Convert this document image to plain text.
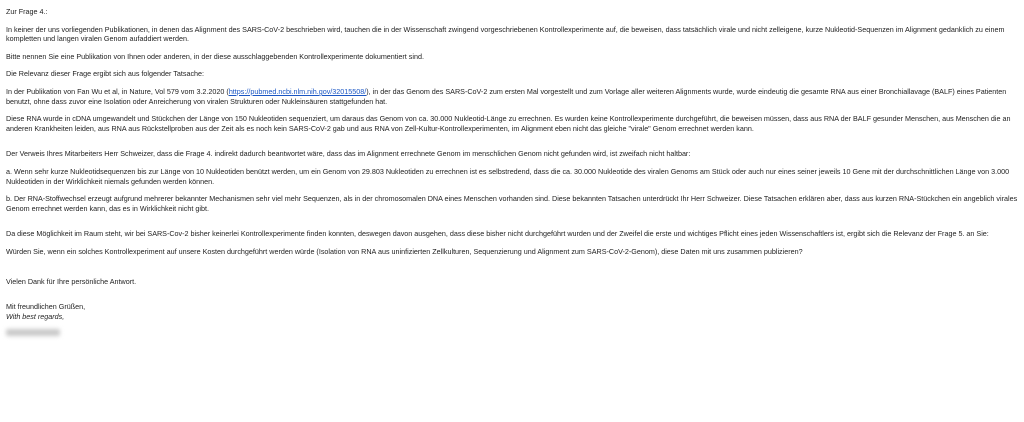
Zur Frage 4.:

In keiner der uns vorliegenden Publikationen, in denen das Alignment des SARS-CoV-2 beschrieben wird, tauchen die in der Wissenschaft zwingend vorgeschriebenen Kontrollexperimente auf, die beweisen, dass tatsächlich virale und nicht zelleigene, kurze Nukleotid-Sequenzen im Alignment gedanklich zu einem kompletten und langen viralen Genom aufaddiert werden.

Bitte nennen Sie eine Publikation von Ihnen oder anderen, in der diese ausschlaggebenden Kontrollexperimente dokumentiert sind.

Die Relevanz dieser Frage ergibt sich aus folgender Tatsache:

In der Publikation von Fan Wu et al, in Nature, Vol 579 vom 3.2.2020 (https://pubmed.ncbi.nlm.nih.gov/32015508/), in der das Genom des SARS-CoV-2 zum ersten Mal vorgestellt und zum Vorlage aller weiteren Alignments wurde, wurde eindeutig die gesamte RNA aus einer Bronchiallavage (BALF) eines Patienten benutzt, ohne dass zuvor eine Isolation oder Anreicherung von viralen Strukturen oder Nukleinsäuren stattgefunden hat.

Diese RNA wurde in cDNA umgewandelt und Stückchen der Länge von 150 Nukleotiden sequenziert, um daraus das Genom von ca. 30.000 Nukleotid-Länge zu errechnen. Es wurden keine Kontrollexperimente durchgeführt, die beweisen müssen, dass aus RNA der BALF gesunder Menschen, aus Menschen die an anderen Krankheiten leiden, aus RNA aus Rückstellproben aus der Zeit als es noch kein SARS-CoV-2 gab und aus RNA von Zell-Kultur-Kontrollexperimenten, im Alignment eben nicht das gleiche "virale" Genom errechnet werden kann.

Der Verweis Ihres Mitarbeiters Herr Schweizer, dass die Frage 4. indirekt dadurch beantwortet wäre, dass das im Alignment errechnete Genom im menschlichen Genom nicht gefunden wird, ist zweifach nicht haltbar:

a. Wenn sehr kurze Nukleotidsequenzen bis zur Länge von 10 Nukleotiden benützt werden, um ein Genom von 29.803 Nukleotiden zu errechnen ist es selbstredend, dass die ca. 30.000 Nukleotide des viralen Genoms am Stück oder auch nur eines seiner jeweils 10 Gene mit der durchschnittlichen Länge von 3.000 Nukleotiden in der Wirklichkeit niemals gefunden werden können.

b. Der RNA-Stoffwechsel erzeugt aufgrund mehrerer bekannter Mechanismen sehr viel mehr Sequenzen, als in der chromosomalen DNA eines Menschen vorhanden sind. Diese bekannten Tatsachen unterdrückt Ihr Herr Schweizer. Diese Tatsachen erklären aber, dass aus kurzen RNA-Stückchen ein angeblich virales Genom errechnet werden kann, das es in Wirklichkeit nicht gibt.

Da diese Möglichkeit im Raum steht, wir bei SARS-Cov-2 bisher keinerlei Kontrollexperimente finden konnten, deswegen davon ausgehen, dass diese bisher nicht durchgeführt wurden und der Zweifel die erste und wichtiges Pflicht eines jeden Wissenschaftlers ist, ergibt sich die Relevanz der Frage 5. an Sie:

Würden Sie, wenn ein solches Kontrollexperiment auf unsere Kosten durchgeführt werden würde (Isolation von RNA aus uninfizierten Zellkulturen, Sequenzierung und Alignment zum SARS-CoV-2-Genom), diese Daten mit uns zusammen publizieren?

Vielen Dank für Ihre persönliche Antwort.

Mit freundlichen Grüßen,

With best regards,
